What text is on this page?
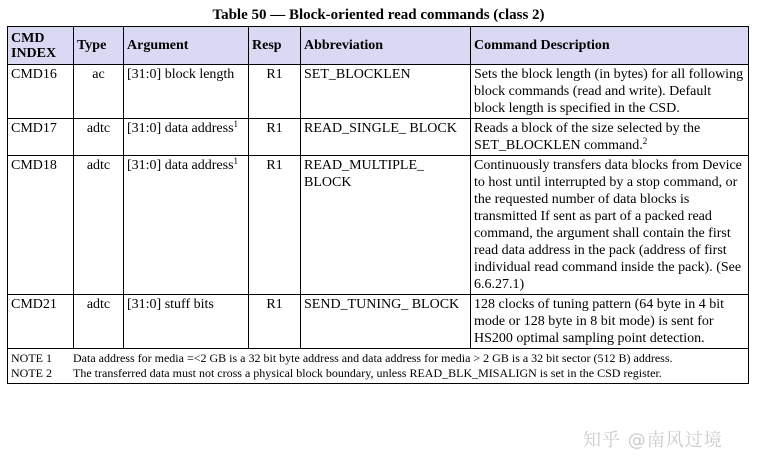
Table 50 — Block-oriented read commands (class 2)
CMD INDEX	Type	Argument	Resp	Abbreviation	Command Description
CMD16	ac	[31:0] block length	R1	SET_BLOCKLEN	Sets the block length (in bytes) for all following block commands (read and write). Default block length is specified in the CSD.
CMD17	adtc	[31:0] data address$^1$	R1	READ_SINGLE_ BLOCK	Reads a block of the size selected by the SET_BLOCKLEN command.$^2$
CMD18	adtc	[31:0] data address$^1$	R1	READ_MULTIPLE_ BLOCK	Continuously transfers data blocks from Device to host until interrupted by a stop command, or the requested number of data blocks is transmitted If sent as part of a packed read command, the argument shall contain the first read data address in the pack (address of first individual read command inside the pack). (See 6.6.27.1)
CMD21	adtc	[31:0] stuff bits	R1	SEND_TUNING_ BLOCK	128 clocks of tuning pattern (64 byte in 4 bit mode or 128 byte in 8 bit mode) is sent for HS200 optimal sampling point detection.

NOTE 1 Data address for media =<2 GB is a 32 bit byte address and data address for media > 2 GB is a 32 bit sector (512 B) address.
NOTE 2 The transferred data must not cross a physical block boundary, unless READ_BLK_MISALIGN is set in the CSD register.					
知乎 @南风过境
